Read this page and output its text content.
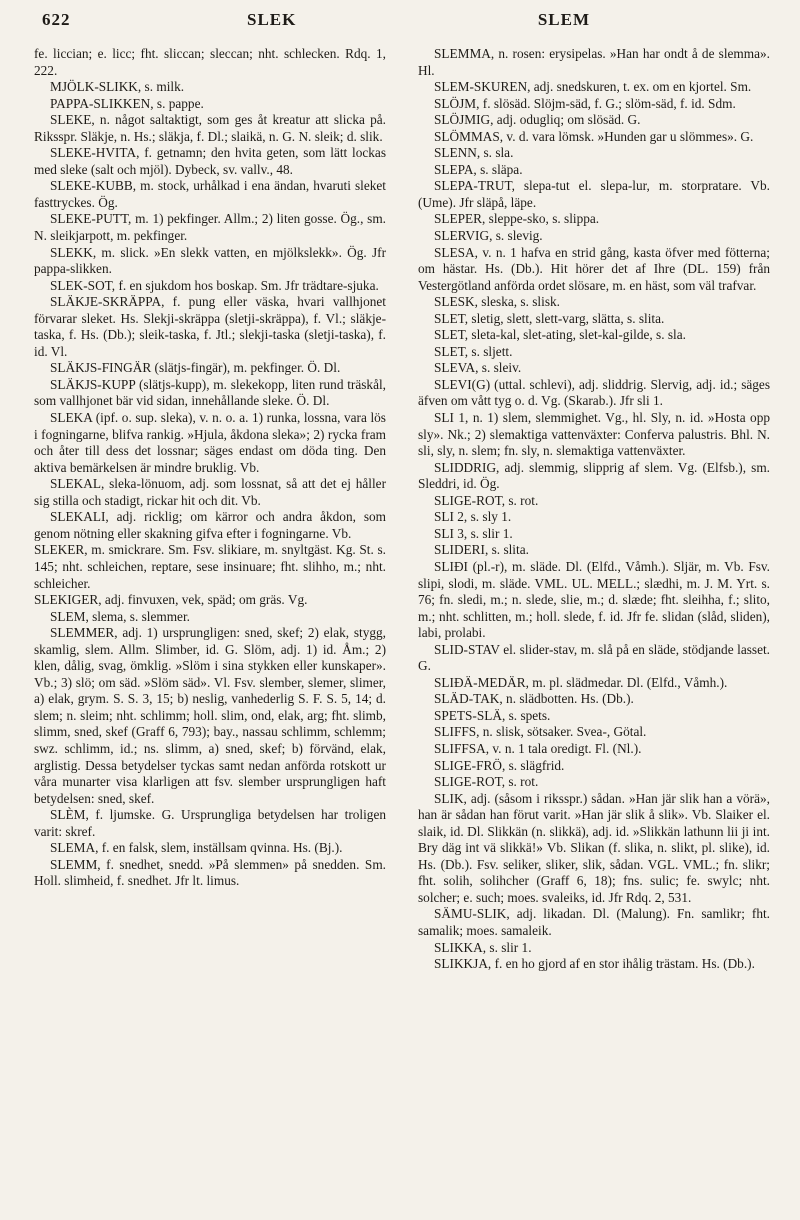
622	SLEK	SLEM

fe. liccian; e. licc; fht. sliccan; sleccan; nht. schlecken. Rdq. 1, 222.

MJÖLK-SLIKK, s. milk.

PAPPA-SLIKKEN, s. pappe.

SLEKE, n. något saltaktigt, som ges åt kreatur att slicka på. Riksspr. Släkje, n. Hs.; släkja, f. Dl.; slaikä, n. G. N. sleik; d. slik.

SLEKE-HVITA, f. getnamn; den hvita geten, som lätt lockas med sleke (salt och mjöl). Dybeck, sv. vallv., 48.

SLEKE-KUBB, m. stock, urhålkad i ena ändan, hvaruti sleket fasttryckes. Ög.

SLEKE-PUTT, m. 1) pekfinger. Allm.; 2) liten gosse. Ög., sm. N. sleikjarpott, m. pekfinger.

SLEKK, m. slick. »En slekk vatten, en mjölkslekk». Ög. Jfr pappa-slikken.

SLEK-SOT, f. en sjukdom hos boskap. Sm. Jfr trädtare-sjuka.

SLÄKJE-SKRÄPPA, f. pung eller väska, hvari vallhjonet förvarar sleket. Hs. Slekji-skräppa (sletji-skräppa), f. Vl.; släkje-taska, f. Hs. (Db.); sleik-taska, f. Jtl.; slekji-taska (sletji-taska), f. id. Vl.

SLÄKJS-FINGÄR (slätjs-fingär), m. pekfinger. Ö. Dl.

SLÄKJS-KUPP (slätjs-kupp), m. slekekopp, liten rund träskål, som vallhjonet bär vid sidan, innehållande sleke. Ö. Dl.

SLEKA (ipf. o. sup. sleka), v. n. o. a. 1) runka, lossna, vara lös i fogningarne, blifva rankig. »Hjula, åkdona sleka»; 2) rycka fram och åter till dess det lossnar; säges endast om döda ting. Den aktiva bemärkelsen är mindre bruklig. Vb.

SLEKAL, sleka-lönuom, adj. som lossnat, så att det ej håller sig stilla och stadigt, rickar hit och dit. Vb.

SLEKALI, adj. ricklig; om kärror och andra åkdon, som genom nötning eller skakning gifva efter i fogningarne. Vb.

SLEKER, m. smickrare. Sm. Fsv. slikiare, m. snyltgäst. Kg. St. s. 145; nht. schleichen, reptare, sese insinuare; fht. slihho, m.; nht. schleicher.

SLEKIGER, adj. finvuxen, vek, späd; om gräs. Vg.

SLEM, slema, s. slemmer.

SLEMMER, adj. 1) ursprungligen: sned, skef; 2) elak, stygg, skamlig, slem. Allm. Slimber, id. G. Slöm, adj. 1) id. Åm.; 2) klen, dålig, svag, ömklig. »Slöm i sina stykken eller kunskaper». Vb.; 3) slö; om säd. »Slöm säd». Vl. Fsv. slember, slemer, slimer, a) elak, grym. S. S. 3, 15; b) neslig, vanhederlig S. F. S. 5, 14; d. slem; n. sleim; nht. schlimm; holl. slim, ond, elak, arg; fht. slimb, slimm, sned, skef (Graff 6, 793); bay., nassau schlimm, schlemm; swz. schlimm, id.; ns. slimm, a) sned, skef; b) förvänd, elak, arglistig. Dessa betydelser tyckas samt nedan anförda rotskott ur våra munarter visa klarligen att fsv. slember ursprungligen haft betydelsen: sned, skef.

SLÈM, f. ljumske. G. Ursprungliga betydelsen har troligen varit: skref.

SLEMA, f. en falsk, slem, inställsam qvinna. Hs. (Bj.).

SLEMM, f. snedhet, snedd. »På slemmen» på snedden. Sm. Holl. slimheid, f. snedhet. Jfr lt. limus.

SLEMMA, n. rosen: erysipelas. »Han har ondt å de slemma». Hl.

SLEM-SKUREN, adj. snedskuren, t. ex. om en kjortel. Sm.

SLÖJM, f. slösäd. Slöjm-säd, f. G.; slöm-säd, f. id. Sdm.

SLÖJMIG, adj. odugliq; om slösäd. G.

SLÖMMAS, v. d. vara lömsk. »Hunden gar u slömmes». G.

SLENN, s. sla.

SLEPA, s. släpa.

SLEPA-TRUT, slepa-tut el. slepa-lur, m. storpratare. Vb. (Ume). Jfr släpå, läpe.

SLEPER, sleppe-sko, s. slippa.

SLERVIG, s. slevig.

SLESA, v. n. 1 hafva en strid gång, kasta öfver med fötterna; om hästar. Hs. (Db.). Hit hörer det af Ihre (DL. 159) från Vestergötland anförda ordet slösare, m. en häst, som väl trafvar.

SLESK, sleska, s. slisk.

SLET, sletig, slett, slett-varg, slätta, s. slita.

SLET, sleta-kal, slet-ating, slet-kal-gilde, s. sla.

SLET, s. sljett.

SLEVA, s. sleiv.

SLEVI(G) (uttal. schlevi), adj. sliddrig. Slervig, adj. id.; säges äfven om vått tyg o. d. Vg. (Skarab.). Jfr sli 1.

SLI 1, n. 1) slem, slemmighet. Vg., hl. Sly, n. id. »Hosta opp sly». Nk.; 2) slemaktiga vattenväxter: Conferva palustris. Bhl. N. sli, sly, n. slem; fn. sly, n. slemaktiga vattenväxter.

SLIDDRIG, adj. slemmig, slipprig af slem. Vg. (Elfsb.), sm. Sleddri, id. Ög.

SLIGE-ROT, s. rot.

SLI 2, s. sly 1.

SLI 3, s. slir 1.

SLIDERI, s. slita.

SLIÐI (pl.-r), m. släde. Dl. (Elfd., Våmh.). Sljär, m. Vb. Fsv. slipi, slodi, m. släde. VML. UL. MELL.; slædhi, m. J. M. Yrt. s. 76; fn. sledi, m.; n. slede, slie, m.; d. slæde; fht. sleihha, f.; slito, m.; nht. schlitten, m.; holl. slede, f. id. Jfr fe. slidan (slåd, sliden), labi, prolabi.

SLID-STAV el. slider-stav, m. slå på en släde, stödjande lasset. G.

SLIÐÄ-MEDÄR, m. pl. slädmedar. Dl. (Elfd., Våmh.).

SLÄD-TAK, n. slädbotten. Hs. (Db.).

SPETS-SLÄ, s. spets.

SLIFFS, n. slisk, sötsaker. Svea-, Götal.

SLIFFSA, v. n. 1 tala oredigt. Fl. (Nl.).

SLIGE-FRÖ, s. slägfrid.

SLIGE-ROT, s. rot.

SLIK, adj. (såsom i riksspr.) sådan. »Han jär slik han a vörä», han är sådan han förut varit. »Han jär slik å slik». Vb. Slaiker el. slaik, id. Dl. Slikkän (n. slikkä), adj. id. »Slikkän lathunn lii ji int. Bry däg int vä slikkä!» Vb. Slikan (f. slika, n. slikt, pl. slike), id. Hs. (Db.). Fsv. seliker, sliker, slik, sådan. VGL. VML.; fn. slikr; fht. solih, solihcher (Graff 6, 18); fns. sulic; fe. swylc; nht. solcher; e. such; moes. svaleiks, id. Jfr Rdq. 2, 531.

SÄMU-SLIK, adj. likadan. Dl. (Malung). Fn. samlikr; fht. samalik; moes. samaleik.

SLIKKA, s. slir 1.

SLIKKJA, f. en ho gjord af en stor ihålig trästam. Hs. (Db.).
